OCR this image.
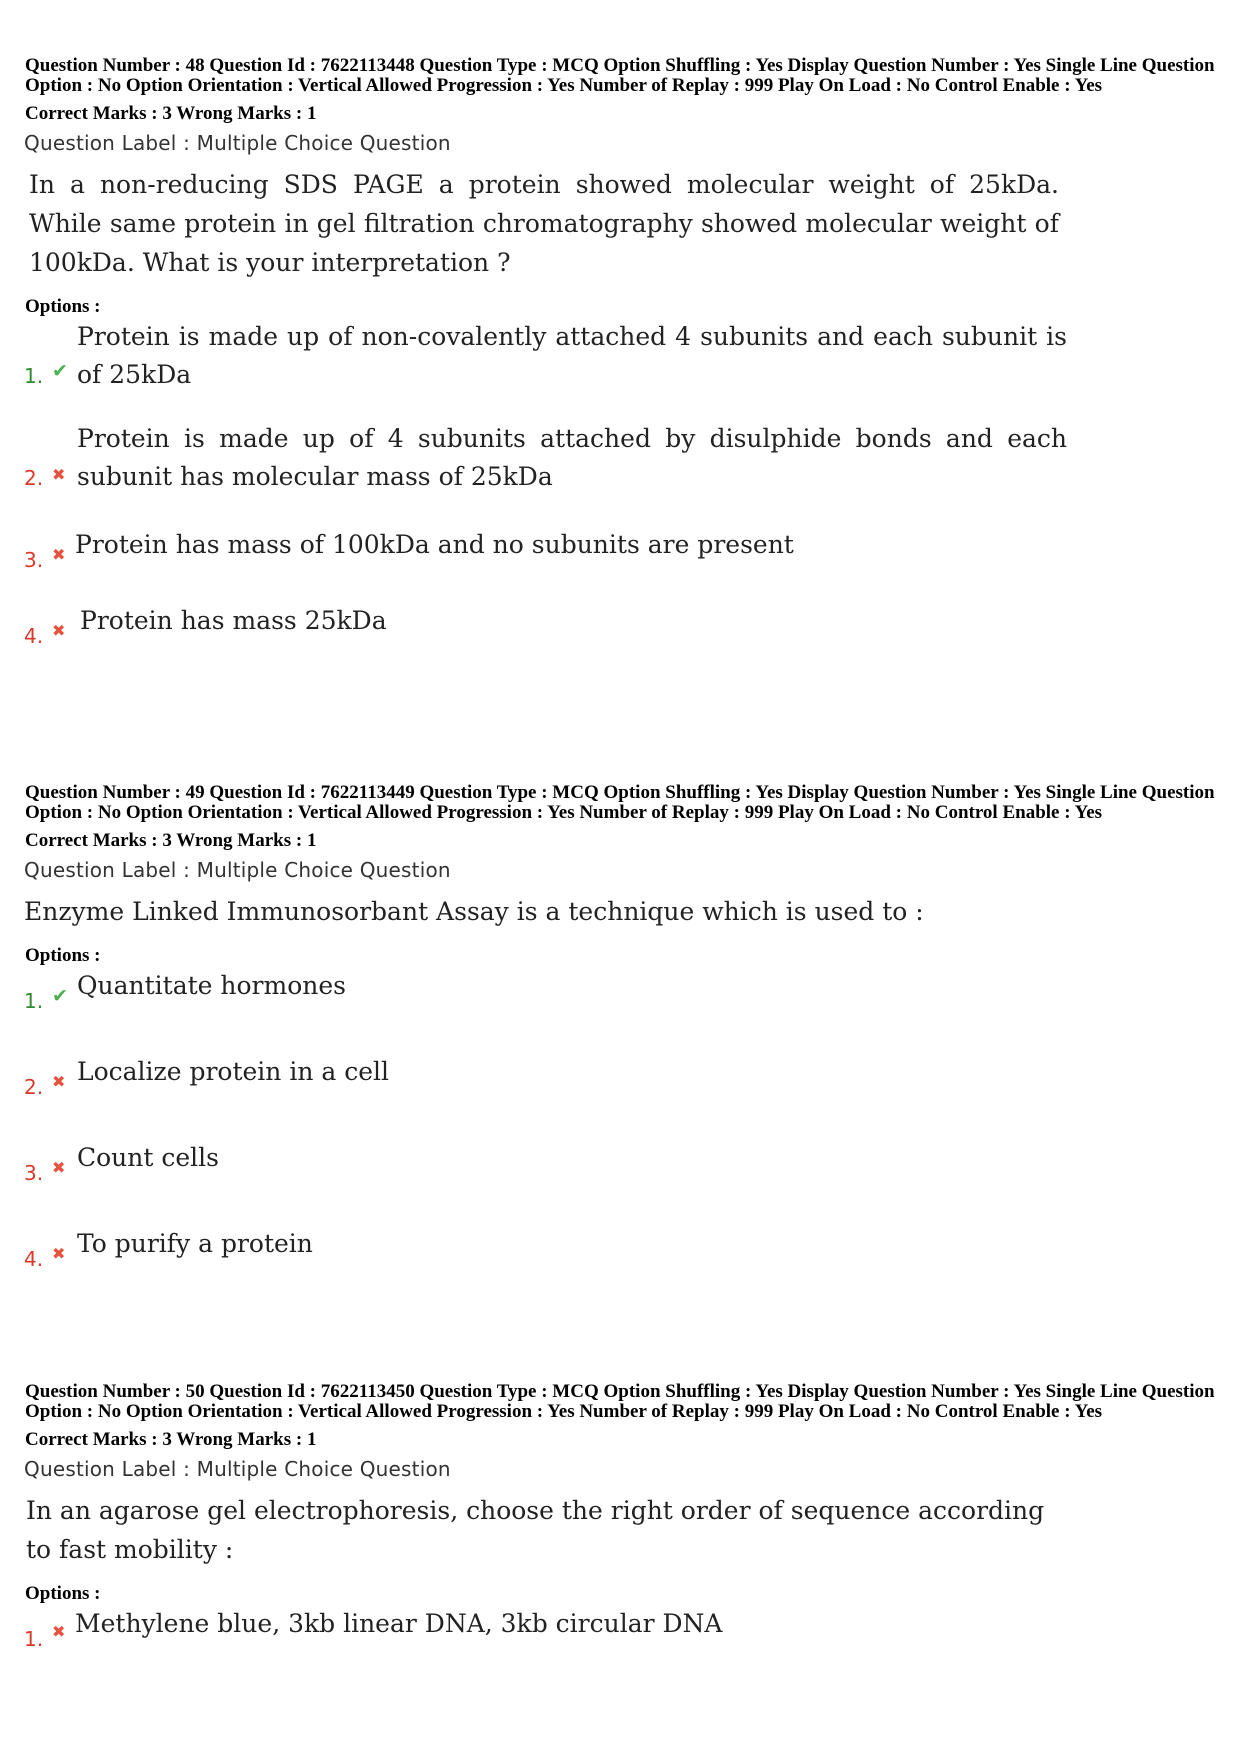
Question Number : 48 Question Id : 7622113448 Question Type : MCQ Option Shuffling : Yes Display Question Number : Yes Single Line Question Option : No Option Orientation : Vertical Allowed Progression : Yes Number of Replay : 999 Play On Load : No Control Enable : Yes
Correct Marks : 3 Wrong Marks : 1
Question Label : Multiple Choice Question
In a non-reducing SDS PAGE a protein showed molecular weight of 25kDa. While same protein in gel filtration chromatography showed molecular weight of 100kDa. What is your interpretation ?
Options :
1. ✔
Protein is made up of non-covalently attached 4 subunits and each subunit is of 25kDa
2. ✖
Protein is made up of 4 subunits attached by disulphide bonds and each subunit has molecular mass of 25kDa
3. ✖ Protein has mass of 100kDa and no subunits are present
4. ✖ Protein has mass 25kDa
Question Number : 49 Question Id : 7622113449 Question Type : MCQ Option Shuffling : Yes Display Question Number : Yes Single Line Question Option : No Option Orientation : Vertical Allowed Progression : Yes Number of Replay : 999 Play On Load : No Control Enable : Yes
Correct Marks : 3 Wrong Marks : 1
Question Label : Multiple Choice Question
Enzyme Linked Immunosorbant Assay is a technique which is used to :
Options :
1. ✔ Quantitate hormones
2. ✖ Localize protein in a cell
3. ✖ Count cells
4. ✖ To purify a protein
Question Number : 50 Question Id : 7622113450 Question Type : MCQ Option Shuffling : Yes Display Question Number : Yes Single Line Question Option : No Option Orientation : Vertical Allowed Progression : Yes Number of Replay : 999 Play On Load : No Control Enable : Yes
Correct Marks : 3 Wrong Marks : 1
Question Label : Multiple Choice Question
In an agarose gel electrophoresis, choose the right order of sequence according to fast mobility :
Options :
1. ✖ Methylene blue, 3kb linear DNA, 3kb circular DNA
